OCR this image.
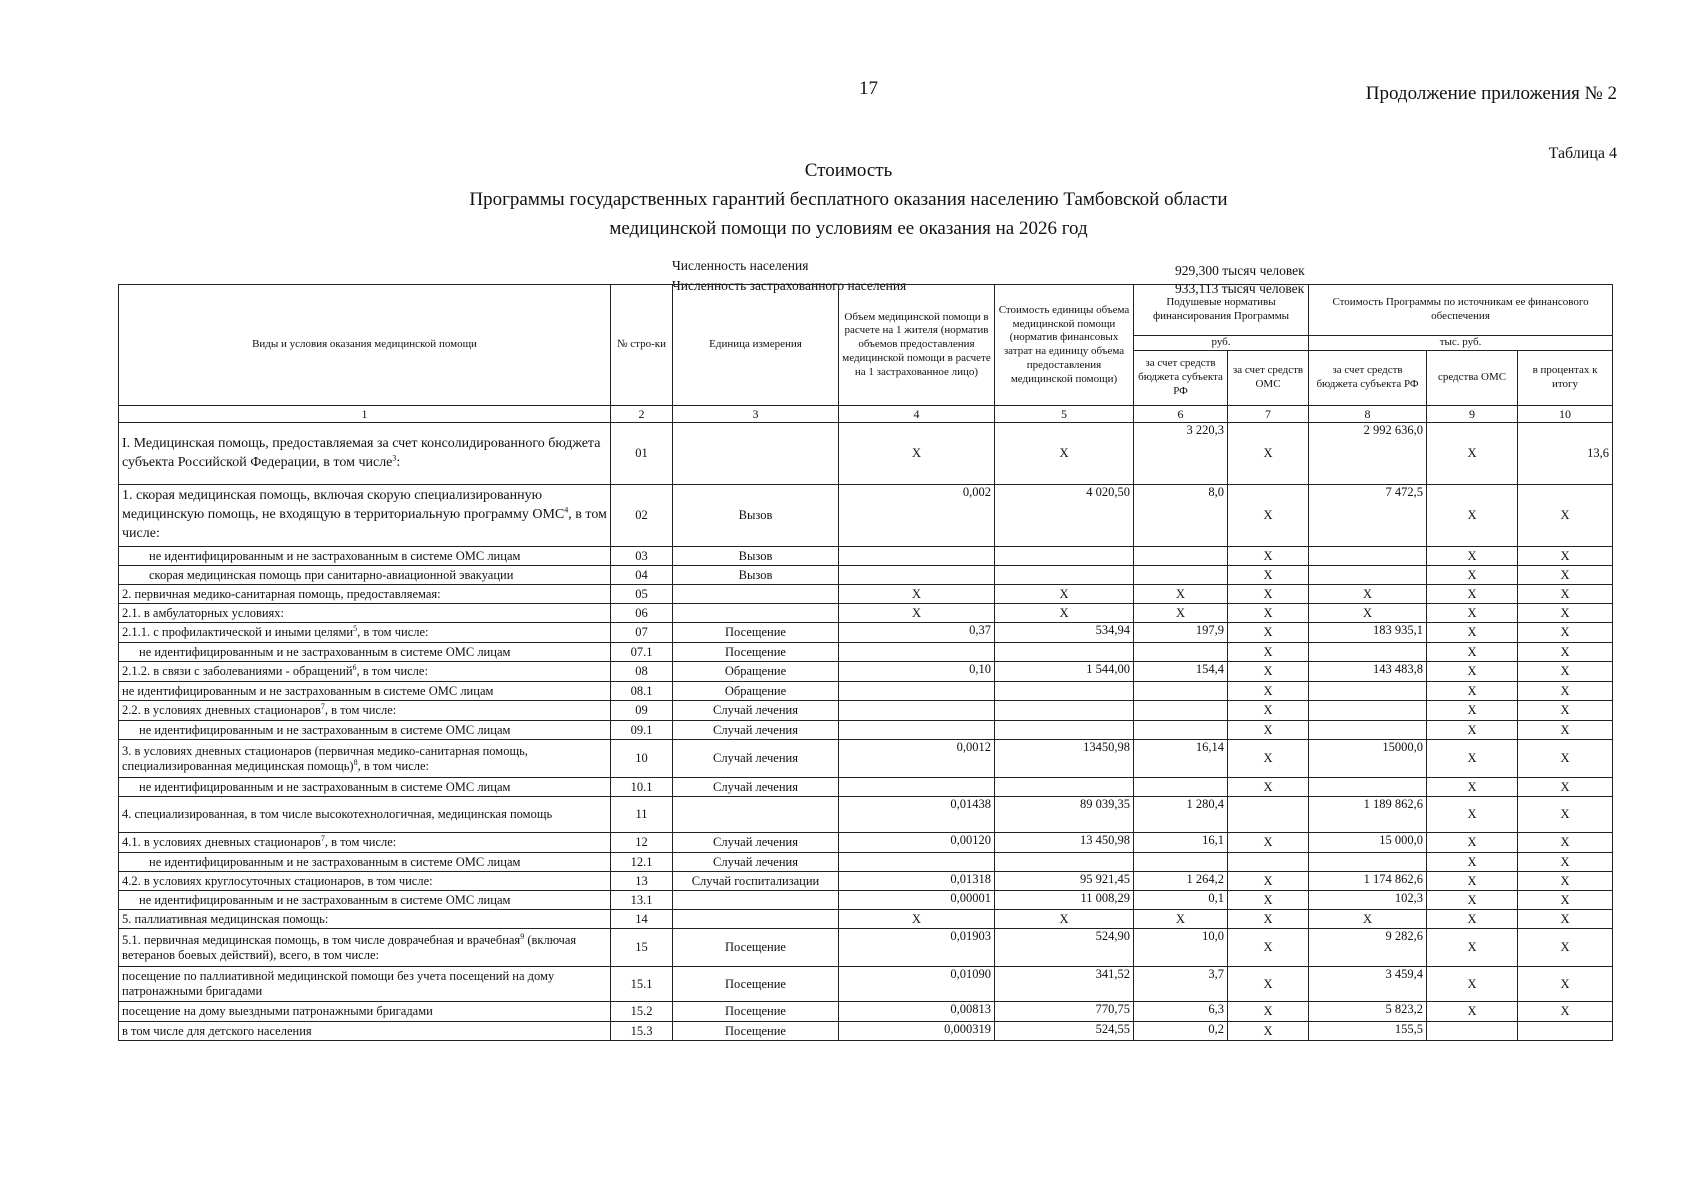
17	Продолжение приложения № 2
Таблица 4
Стоимость
Программы государственных гарантий бесплатного оказания населению Тамбовской области
медицинской помощи по условиям ее оказания на 2026 год
Численность населения	929,300 тысяч человек
Численность застрахованного населения	933,113 тысяч человек
Виды и условия оказания медицинской помощи	№ стро-ки	Единица измерения	Объем медицинской помощи в расчете на 1 жителя (норматив объемов предоставления медицинской помощи в расчете на 1 застрахованное лицо)	Стоимость единицы объема медицинской помощи (норматив финансовых затрат на единицу объема предоставления медицинской помощи)	Подушевые нормативы финансирования Программы		Стоимость Программы по источникам ее финансового обеспечения		
					руб.		тыс. руб.		
					за счет средств бюджета субъекта РФ	за счет средств ОМС	за счет средств бюджета субъекта РФ	средства ОМС	в процентах к итогу
1	2	3	4	5	6	7	8	9	10
I. Медицинская помощь, предоставляемая за счет консолидированного бюджета субъекта Российской Федерации, в том числе$^3$:	01		X	X	3 220,3	X	2 992 636,0	X	13,6
1. скорая медицинская помощь, включая скорую специализированную медицинскую помощь, не входящую в территориальную программу ОМС$^4$, в том числе:	02	Вызов	0,002	4 020,50	8,0	X	7 472,5	X	X
не идентифицированным и не застрахованным в системе ОМС лицам	03	Вызов				X		X	X
скорая медицинская помощь при санитарно-авиационной эвакуации	04	Вызов				X		X	X
2. первичная медико-санитарная помощь, предоставляемая:	05		X	X	X	X	X	X	X
2.1. в амбулаторных условиях:	06		X	X	X	X	X	X	X
2.1.1. с профилактической и иными целями$^5$, в том числе:	07	Посещение	0,37	534,94	197,9	X	183 935,1	X	X
не идентифицированным и не застрахованным в системе ОМС лицам	07.1	Посещение				X		X	X
2.1.2. в связи с заболеваниями - обращений$^6$, в том числе:	08	Обращение	0,10	1 544,00	154,4	X	143 483,8	X	X
не идентифицированным и не застрахованным в системе ОМС лицам	08.1	Обращение				X		X	X
2.2. в условиях дневных стационаров$^7$, в том числе:	09	Случай лечения				X		X	X
не идентифицированным и не застрахованным в системе ОМС лицам	09.1	Случай лечения				X		X	X
3. в условиях дневных стационаров (первичная медико-санитарная помощь, специализированная медицинская помощь)$^8$, в том числе:	10	Случай лечения	0,0012	13450,98	16,14	X	15000,0	X	X
не идентифицированным и не застрахованным в системе ОМС лицам	10.1	Случай лечения				X		X	X
4. специализированная, в том числе высокотехнологичная, медицинская помощь	11		0,01438	89 039,35	1 280,4		1 189 862,6	X	X
4.1. в условиях дневных стационаров$^7$, в том числе:	12	Случай лечения	0,00120	13 450,98	16,1	X	15 000,0	X	X
не идентифицированным и не застрахованным в системе ОМС лицам	12.1	Случай лечения						X	X
4.2. в условиях круглосуточных стационаров, в том числе:	13	Случай госпитализации	0,01318	95 921,45	1 264,2	X	1 174 862,6	X	X
не идентифицированным и не застрахованным в системе ОМС лицам	13.1		0,00001	11 008,29	0,1	X	102,3	X	X
5. паллиативная медицинская помощь:	14		X	X	X	X	X	X	X
5.1. первичная медицинская помощь, в том числе доврачебная и врачебная$^9$ (включая ветеранов боевых действий), всего, в том числе:	15	Посещение	0,01903	524,90	10,0	X	9 282,6	X	X
посещение по паллиативной медицинской помощи без учета посещений на дому патронажными бригадами	15.1	Посещение	0,01090	341,52	3,7	X	3 459,4	X	X
посещение на дому выездными патронажными бригадами	15.2	Посещение	0,00813	770,75	6,3	X	5 823,2	X	X
в том числе для детского населения	15.3	Посещение	0,000319	524,55	0,2	X	155,5		
